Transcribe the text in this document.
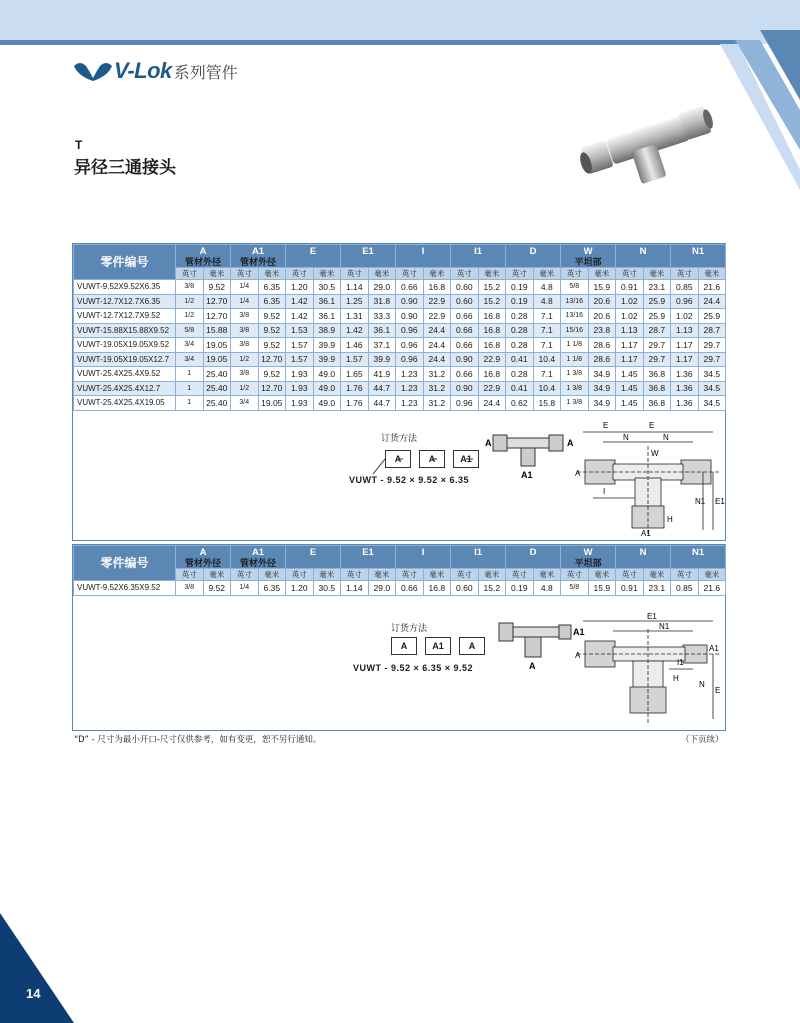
V-Lok 系列管件
T
异径三通接头
零件编号	A
管材外径		A1
管材外径		E		E1		I		I1		D		W
平坦部		N		N1	

	英寸	毫米	英寸	毫米	英寸	毫米	英寸	毫米	英寸	毫米	英寸	毫米	英寸	毫米	英寸	毫米	英寸	毫米	英寸	毫米
VUWT-9.52X9.52X6.35	3/8	9.52	1/4	6.35	1.20	30.5	1.14	29.0	0.66	16.8	0.60	15.2	0.19	4.8	5/8	15.9	0.91	23.1	0.85	21.6
VUWT-12.7X12.7X6.35	1/2	12.70	1/4	6.35	1.42	36.1	1.25	31.8	0.90	22.9	0.60	15.2	0.19	4.8	13/16	20.6	1.02	25.9	0.96	24.4
VUWT-12.7X12.7X9.52	1/2	12.70	3/8	9.52	1.42	36.1	1.31	33.3	0.90	22.9	0.66	16.8	0.28	7.1	13/16	20.6	1.02	25.9	1.02	25.9
VUWT-15.88X15.88X9.52	5/8	15.88	3/8	9.52	1.53	38.9	1.42	36.1	0.96	24.4	0.66	16.8	0.28	7.1	15/16	23.8	1.13	28.7	1.13	28.7
VUWT-19.05X19.05X9.52	3/4	19.05	3/8	9.52	1.57	39.9	1.46	37.1	0.96	24.4	0.66	16.8	0.28	7.1	1 1/8	28.6	1.17	29.7	1.17	29.7
VUWT-19.05X19.05X12.7	3/4	19.05	1/2	12.70	1.57	39.9	1.57	39.9	0.96	24.4	0.90	22.9	0.41	10.4	1 1/8	28.6	1.17	29.7	1.17	29.7
VUWT-25.4X25.4X9.52	1	25.40	3/8	9.52	1.93	49.0	1.65	41.9	1.23	31.2	0.66	16.8	0.28	7.1	1 3/8	34.9	1.45	36.8	1.36	34.5
VUWT-25.4X25.4X12.7	1	25.40	1/2	12.70	1.93	49.0	1.76	44.7	1.23	31.2	0.90	22.9	0.41	10.4	1 3/8	34.9	1.45	36.8	1.36	34.5
VUWT-25.4X25.4X19.05	1	25.40	3/4	19.05	1.93	49.0	1.76	44.7	1.23	31.2	0.96	24.4	0.62	15.8	1 3/8	34.9	1.45	36.8	1.36	34.5
订货方法
A	A	A1
VUWT - 9.52 × 9.52 × 6.35
A	A
A1
E
E
N	N
W
A
N1 E1
I
H
A1
零件编号	A
管材外径		A1
管材外径		E		E1		I		I1		D		W
平坦部		N		N1	

	英寸	毫米	英寸	毫米	英寸	毫米	英寸	毫米	英寸	毫米	英寸	毫米	英寸	毫米	英寸	毫米	英寸	毫米	英寸	毫米
VUWT-9.52X6.35X9.52	3/8	9.52	1/4	6.35	1.20	30.5	1.14	29.0	0.66	16.8	0.60	15.2	0.19	4.8	5/8	15.9	0.91	23.1	0.85	21.6
订货方法
A	A1	A
VUWT - 9.52 × 6.35 × 9.52
A1
A
E1
N1
A
A1
E
N
H
I1
“D” - 尺寸为最小开口-尺寸仅供参考，如有变更，恕不另行通知。	（下页续）
14
